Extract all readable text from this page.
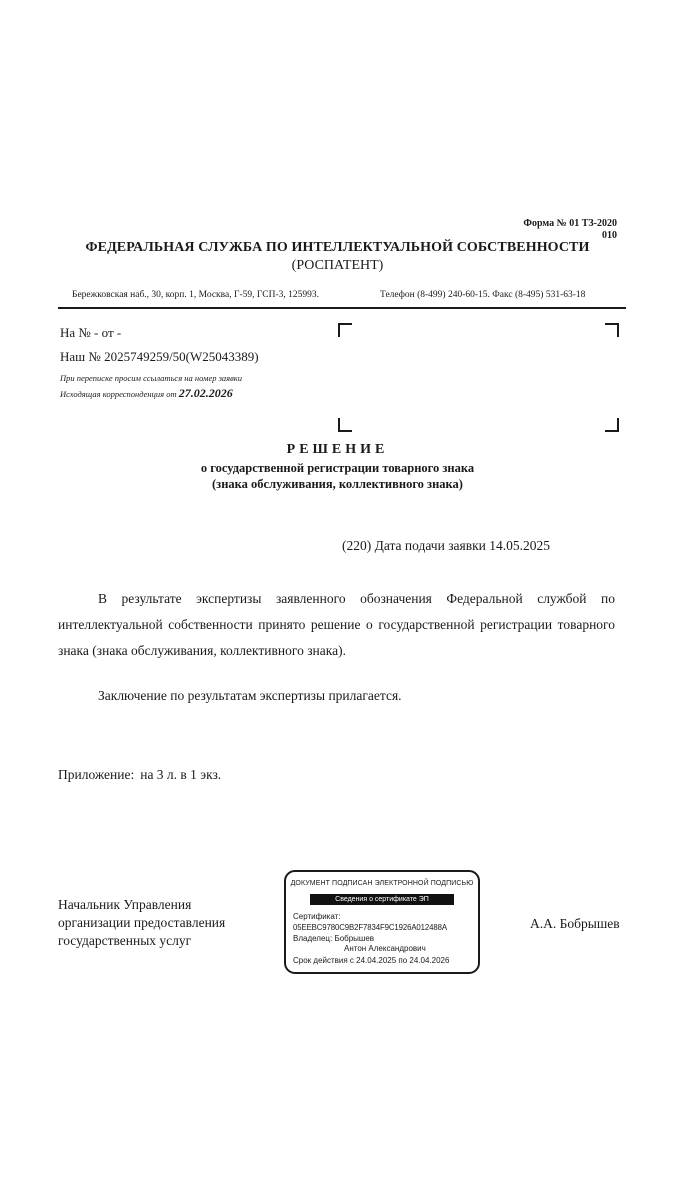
Форма № 01 ТЗ-2020
010
ФЕДЕРАЛЬНАЯ СЛУЖБА ПО ИНТЕЛЛЕКТУАЛЬНОЙ СОБСТВЕННОСТИ
(РОСПАТЕНТ)
Бережковская наб., 30, корп. 1, Москва, Г-59, ГСП-3, 125993.	Телефон (8-499) 240-60-15. Факс (8-495) 531-63-18
На № - от -
Наш № 2025749259/50(W25043389)
При переписке просим ссылаться на номер заявки
Исходящая корреспонденция от 27.02.2026
РЕШЕНИЕ
о государственной регистрации товарного знака
(знака обслуживания, коллективного знака)
(220) Дата подачи заявки 14.05.2025

В результате экспертизы заявленного обозначения Федеральной службой по интеллектуальной собственности принято решение о государственной регистрации товарного знака (знака обслуживания, коллективного знака).

Заключение по результатам экспертизы прилагается.
Приложение: на 3 л. в 1 экз.
Начальник Управления
организации предоставления
государственных услуг
ДОКУМЕНТ ПОДПИСАН ЭЛЕКТРОННОЙ ПОДПИСЬЮ
Сведения о сертификате ЭП
Сертификат:
05EEBC9780C9B2F7834F9C1926A012488A
Владелец: Бобрышев
Антон Александрович
Срок действия с 24.04.2025 по 24.04.2026
А.А. Бобрышев
